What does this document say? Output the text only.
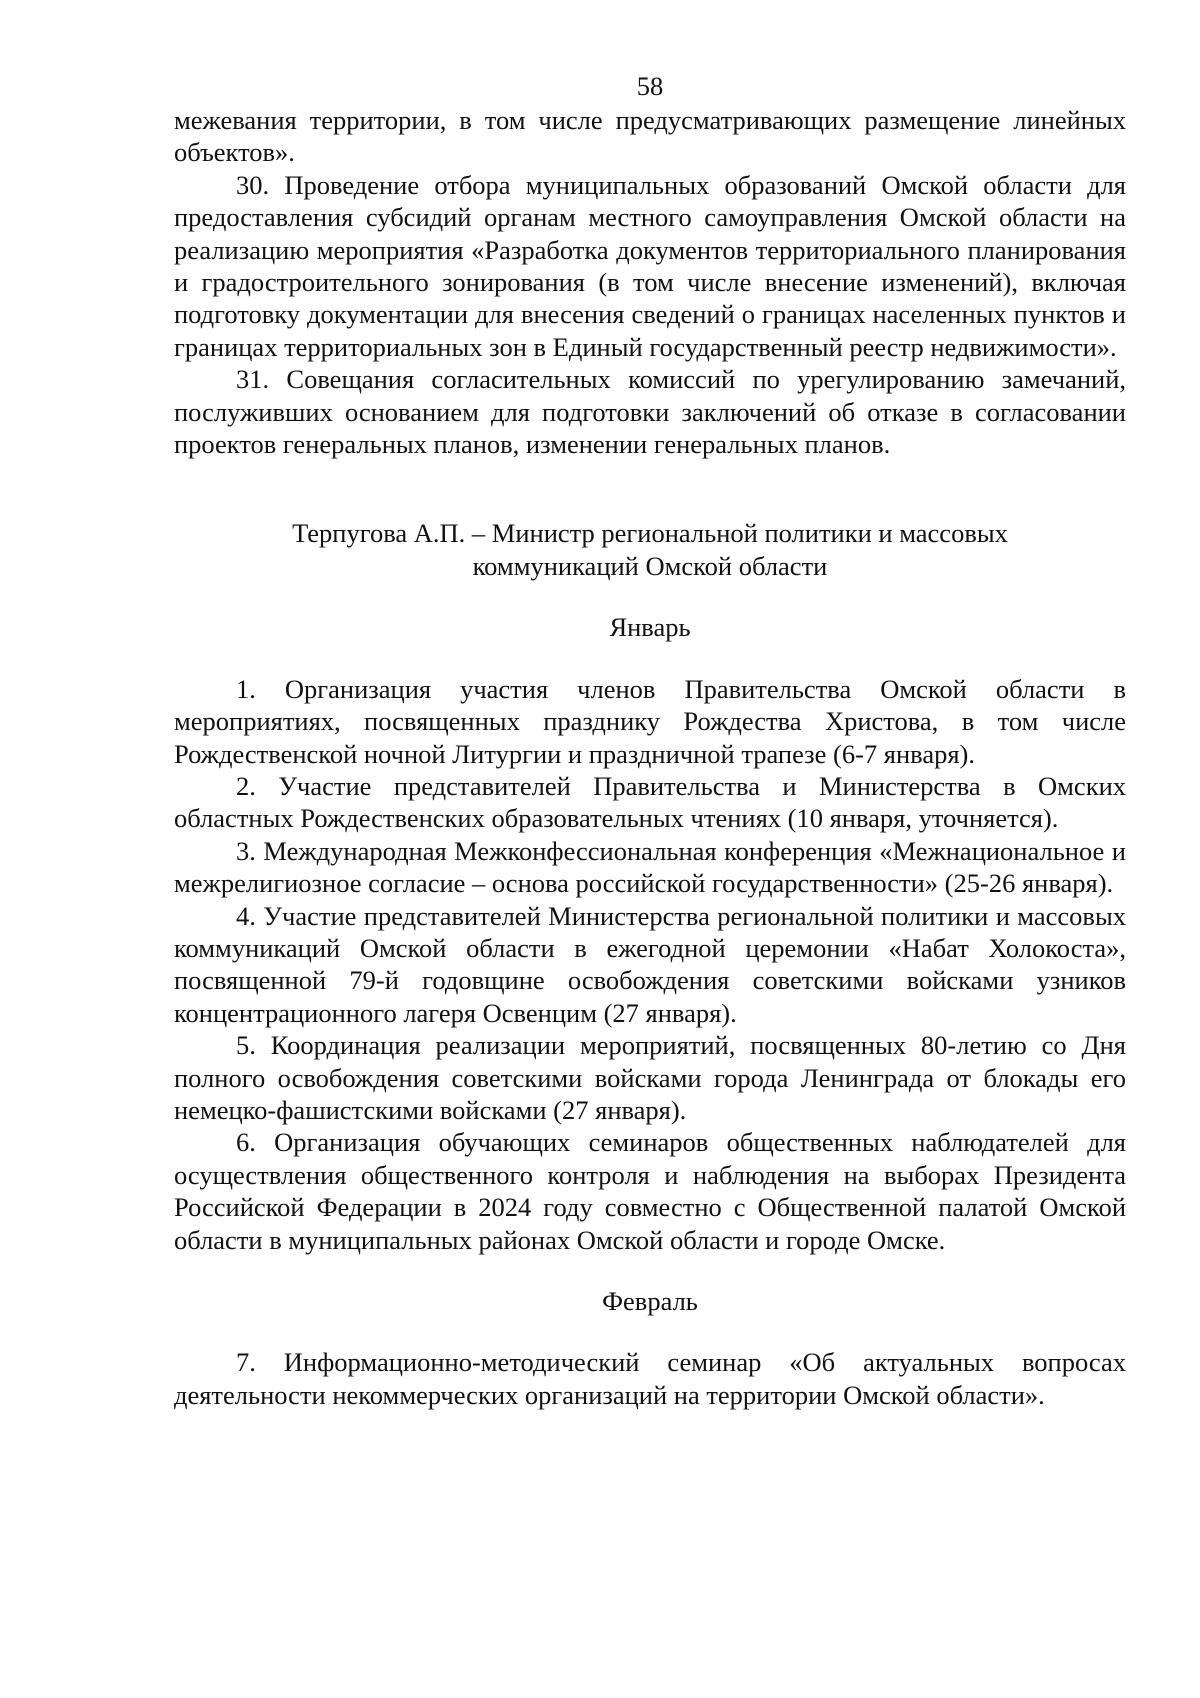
58

межевания территории, в том числе предусматривающих размещение линейных объектов».

30. Проведение отбора муниципальных образований Омской области для предоставления субсидий органам местного самоуправления Омской области на реализацию мероприятия «Разработка документов территориального планирования и градостроительного зонирования (в том числе внесение изменений), включая подготовку документации для внесения сведений о границах населенных пунктов и границах территориальных зон в Единый государственный реестр недвижимости».

31. Совещания согласительных комиссий по урегулированию замечаний, послуживших основанием для подготовки заключений об отказе в согласовании проектов генеральных планов, изменении генеральных планов.

Терпугова А.П. – Министр региональной политики и массовых
коммуникаций Омской области
Январь

1. Организация участия членов Правительства Омской области в мероприятиях, посвященных празднику Рождества Христова, в том числе Рождественской ночной Литургии и праздничной трапезе (6-7 января).

2. Участие представителей Правительства и Министерства в Омских областных Рождественских образовательных чтениях (10 января, уточняется).

3. Международная Межконфессиональная конференция «Межнациональное и межрелигиозное согласие – основа российской государственности» (25-26 января).

4. Участие представителей Министерства региональной политики и массовых коммуникаций Омской области в ежегодной церемонии «Набат Холокоста», посвященной 79-й годовщине освобождения советскими войсками узников концентрационного лагеря Освенцим (27 января).

5. Координация реализации мероприятий, посвященных 80-летию со Дня полного освобождения советскими войсками города Ленинграда от блокады его немецко-фашистскими войсками (27 января).

6. Организация обучающих семинаров общественных наблюдателей для осуществления общественного контроля и наблюдения на выборах Президента Российской Федерации в 2024 году совместно с Общественной палатой Омской области в муниципальных районах Омской области и городе Омске.

Февраль

7. Информационно-методический семинар «Об актуальных вопросах деятельности некоммерческих организаций на территории Омской области».
